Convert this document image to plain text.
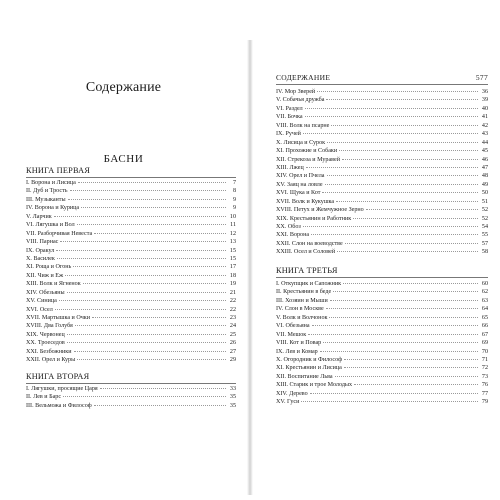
Содержание
БАСНИ
КНИГА ПЕРВАЯ
I. Ворона и Лисица	7
II. Дуб и Трость	8
III. Музыканты	9
IV. Ворона и Курица	9
V. Ларчик	10
VI. Лягушка и Вол	11
VII. Разборчивая Невеста	12
VIII. Парнас	13
IX. Оракул	15
X. Василек	15
XI. Роща и Огонь	17
XII. Чиж и Еж	18
XIII. Волк и Ягненок	19
XIV. Обезьяны	21
XV. Синица	22
XVI. Осел	22
XVII. Мартышка и Очки	23
XVIII. Два Голубя	24
XIX. Червонец	25
XX. Троеседов	26
XXI. Безбожники	27
XXII. Орел и Куры	29
КНИГА ВТОРАЯ
I. Лягушки, просящие Царя	33
II. Лев и Барс	35
III. Вельможа и Философ	35
СОДЕРЖАНИЕ	577
IV. Мор Зверей	36
V. Собачья дружба	39
VI. Раздел	40
VII. Бочка	41
VIII. Волк на псарне	42
IX. Ручей	43
X. Лисица и Сурок	44
XI. Прохожие и Собаки	45
XII. Стрекоза и Муравей	46
XIII. Лжец	47
XIV. Орел и Пчела	48
XV. Заяц на ловле	49
XVI. Щука и Кот	50
XVII. Волк и Кукушка	51
XVIII. Петух и Жемчужное Зерно	52
XIX. Крестьянин и Работник	52
XX. Обоз	54
XXI. Ворона	55
XXII. Слон на воеводстве	57
XXIII. Осел и Соловей	58
КНИГА ТРЕТЬЯ
I. Откупщик и Сапожник	60
II. Крестьянин в беде	62
III. Хозяин и Мыши	63
IV. Слон в Москве	64
V. Волк и Волчонок	65
VI. Обезьяна	66
VII. Мешок	67
VIII. Кот и Повар	69
IX. Лев и Комар	70
X. Огородник и Философ	71
XI. Крестьянин и Лисица	72
XII. Воспитание Льва	73
XIII. Старик и трое Молодых	76
XIV. Дерево	77
XV. Гуси	79
